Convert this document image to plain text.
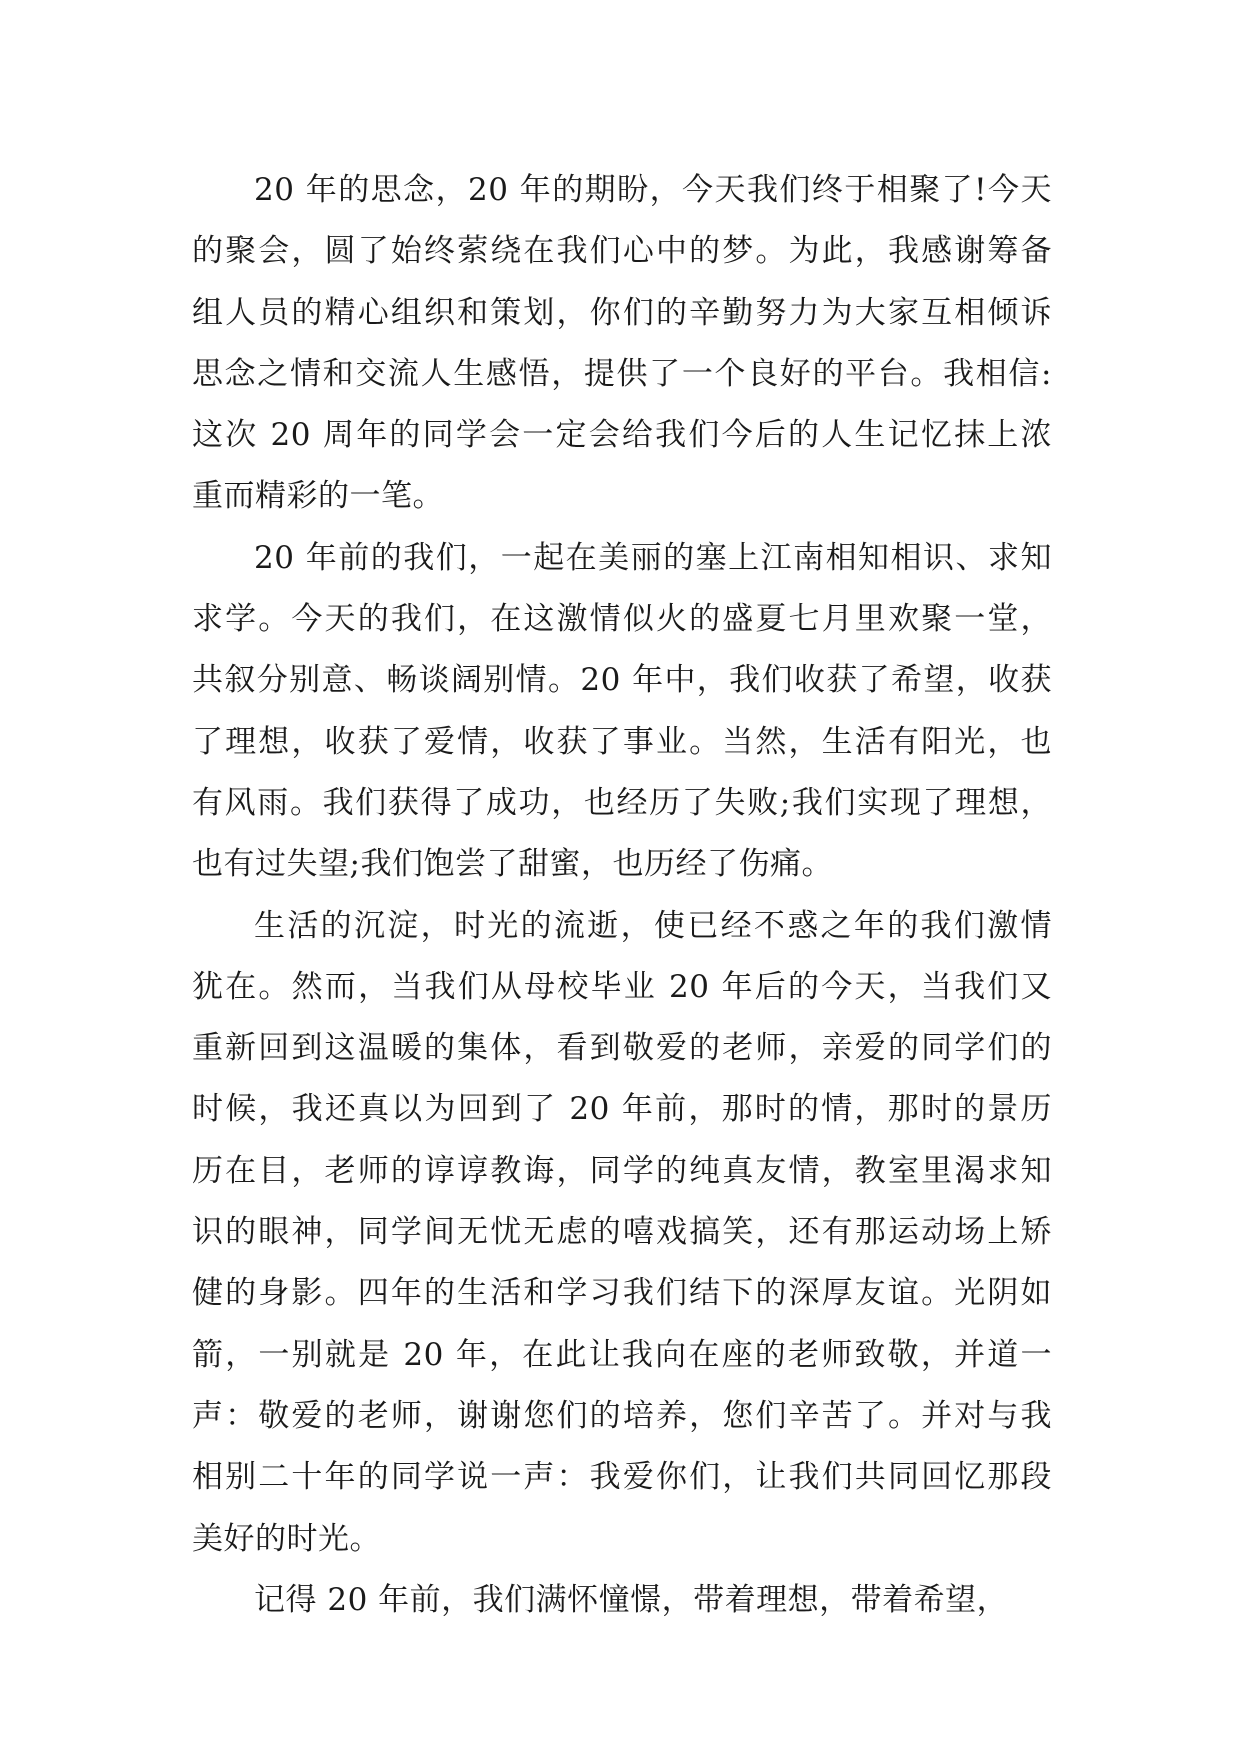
20 年的思念，20 年的期盼，今天我们终于相聚了!今天
的聚会，圆了始终萦绕在我们心中的梦。为此，我感谢筹备
组人员的精心组织和策划，你们的辛勤努力为大家互相倾诉
思念之情和交流人生感悟，提供了一个良好的平台。我相信:
这次 20 周年的同学会一定会给我们今后的人生记忆抹上浓
重而精彩的一笔。

20 年前的我们，一起在美丽的塞上江南相知相识、求知
求学。今天的我们，在这激情似火的盛夏七月里欢聚一堂，
共叙分别意、畅谈阔别情。20 年中，我们收获了希望，收获
了理想，收获了爱情，收获了事业。当然，生活有阳光，也
有风雨。我们获得了成功，也经历了失败;我们实现了理想，
也有过失望;我们饱尝了甜蜜，也历经了伤痛。

生活的沉淀，时光的流逝，使已经不惑之年的我们激情
犹在。然而，当我们从母校毕业 20 年后的今天，当我们又
重新回到这温暖的集体，看到敬爱的老师，亲爱的同学们的
时候，我还真以为回到了 20 年前，那时的情，那时的景历
历在目，老师的谆谆教诲，同学的纯真友情，教室里渴求知
识的眼神，同学间无忧无虑的嘻戏搞笑，还有那运动场上矫
健的身影。四年的生活和学习我们结下的深厚友谊。光阴如
箭，一别就是 20 年，在此让我向在座的老师致敬，并道一
声：敬爱的老师，谢谢您们的培养，您们辛苦了。并对与我
相别二十年的同学说一声：我爱你们，让我们共同回忆那段
美好的时光。

记得 20 年前，我们满怀憧憬，带着理想，带着希望，
